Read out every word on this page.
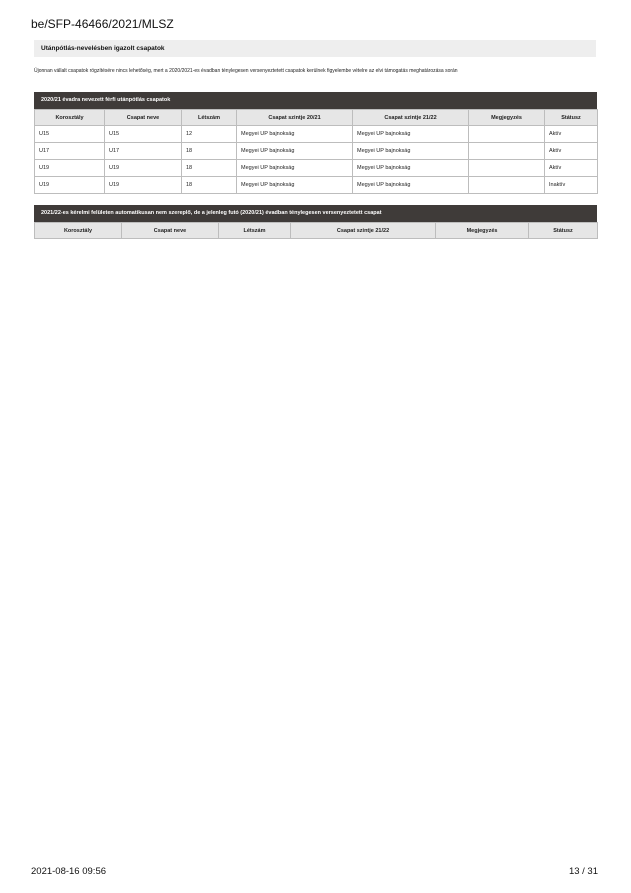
be/SFP-46466/2021/MLSZ
Utánpótlás-nevelésben igazolt csapatok
Újonnan vállalt csapatok rögzítésére nincs lehetőség, mert a 2020/2021-es évadban ténylegesen versenyeztetett csapatok kerülnek figyelembe vételre az elvi támogatás meghatározása során
2020/21 évadra nevezett férfi utánpótlás csapatok
Korosztály	Csapat neve	Létszám	Csapat szintje 20/21	Csapat szintje 21/22	Megjegyzés	Státusz
U15	U15	12	Megyei UP bajnokság	Megyei UP bajnokság		Aktív
U17	U17	18	Megyei UP bajnokság	Megyei UP bajnokság		Aktív
U19	U19	18	Megyei UP bajnokság	Megyei UP bajnokság		Aktív
U19	U19	18	Megyei UP bajnokság	Megyei UP bajnokság		Inaktív
2021/22-es kérelmi felületen automatikusan nem szereplő, de a jelenleg futó (2020/21) évadban ténylegesen versenyeztetett csapat
Korosztály	Csapat neve	Létszám	Csapat szintje 21/22	Megjegyzés	Státusz
2021-08-16 09:56	13 / 31
